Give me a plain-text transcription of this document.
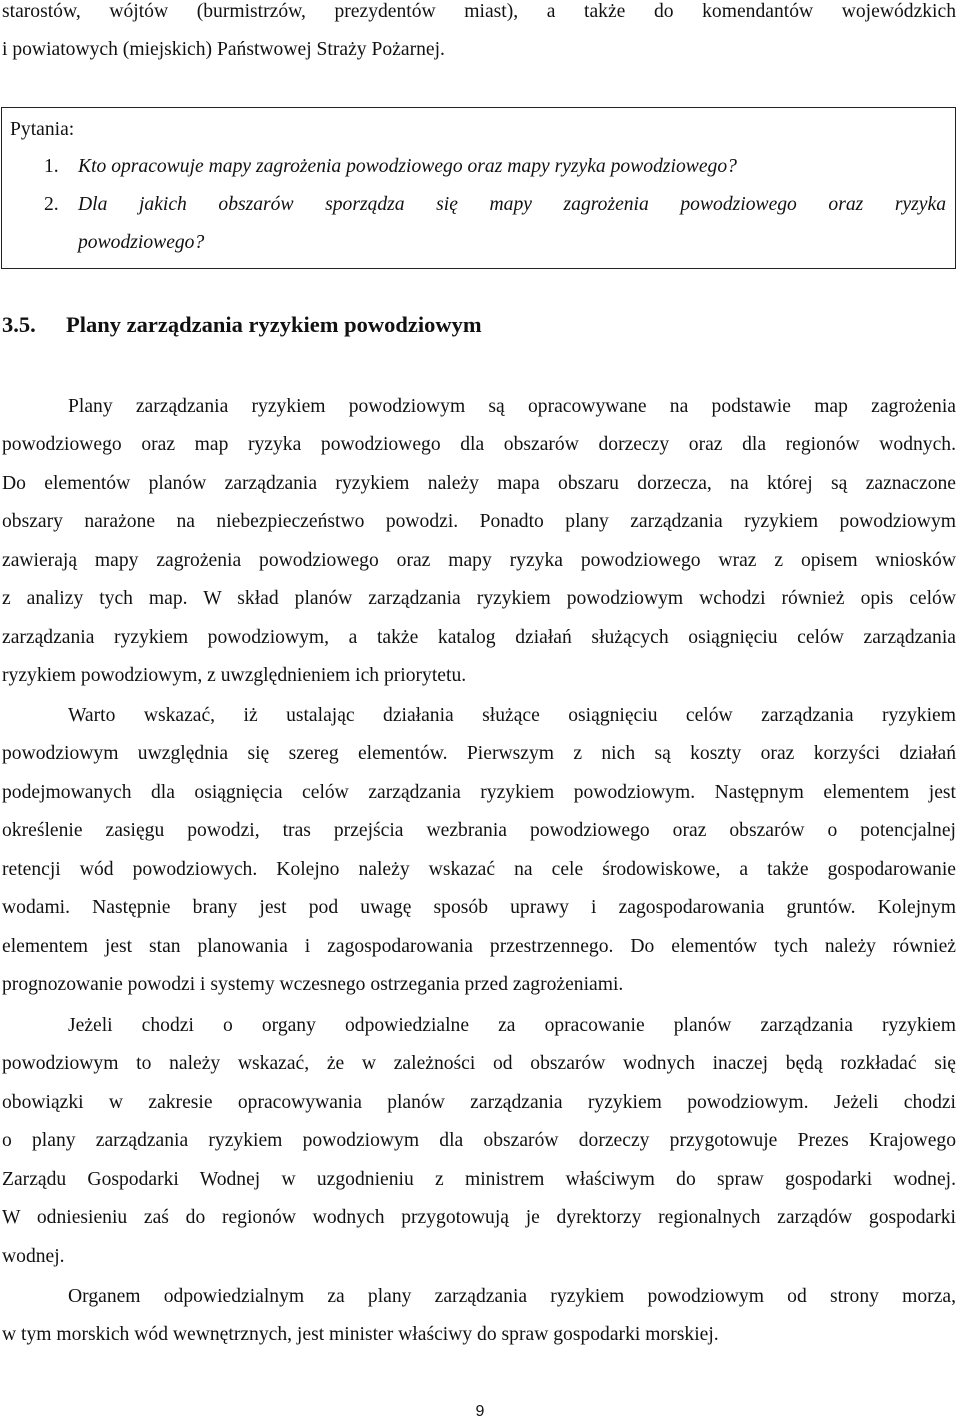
starostów, wójtów (burmistrzów, prezydentów miast), a także do komendantów wojewódzkich
i powiatowych (miejskich) Państwowej Straży Pożarnej.
Pytania:
1. Kto opracowuje mapy zagrożenia powodziowego oraz mapy ryzyka powodziowego?
2. Dla jakich obszarów sporządza się mapy zagrożenia powodziowego oraz ryzyka
powodziowego?
3.5. Plany zarządzania ryzykiem powodziowym
Plany zarządzania ryzykiem powodziowym są opracowywane na podstawie map zagrożenia
powodziowego oraz map ryzyka powodziowego dla obszarów dorzeczy oraz dla regionów wodnych.
Do elementów planów zarządzania ryzykiem należy mapa obszaru dorzecza, na której są zaznaczone
obszary narażone na niebezpieczeństwo powodzi. Ponadto plany zarządzania ryzykiem powodziowym
zawierają mapy zagrożenia powodziowego oraz mapy ryzyka powodziowego wraz z opisem wniosków
z analizy tych map. W skład planów zarządzania ryzykiem powodziowym wchodzi również opis celów
zarządzania ryzykiem powodziowym, a także katalog działań służących osiągnięciu celów zarządzania
ryzykiem powodziowym, z uwzględnieniem ich priorytetu.
Warto wskazać, iż ustalając działania służące osiągnięciu celów zarządzania ryzykiem
powodziowym uwzględnia się szereg elementów. Pierwszym z nich są koszty oraz korzyści działań
podejmowanych dla osiągnięcia celów zarządzania ryzykiem powodziowym. Następnym elementem jest
określenie zasięgu powodzi, tras przejścia wezbrania powodziowego oraz obszarów o potencjalnej
retencji wód powodziowych. Kolejno należy wskazać na cele środowiskowe, a także gospodarowanie
wodami. Następnie brany jest pod uwagę sposób uprawy i zagospodarowania gruntów. Kolejnym
elementem jest stan planowania i zagospodarowania przestrzennego. Do elementów tych należy również
prognozowanie powodzi i systemy wczesnego ostrzegania przed zagrożeniami.
Jeżeli chodzi o organy odpowiedzialne za opracowanie planów zarządzania ryzykiem
powodziowym to należy wskazać, że w zależności od obszarów wodnych inaczej będą rozkładać się
obowiązki w zakresie opracowywania planów zarządzania ryzykiem powodziowym. Jeżeli chodzi
o plany zarządzania ryzykiem powodziowym dla obszarów dorzeczy przygotowuje Prezes Krajowego
Zarządu Gospodarki Wodnej w uzgodnieniu z ministrem właściwym do spraw gospodarki wodnej.
W odniesieniu zaś do regionów wodnych przygotowują je dyrektorzy regionalnych zarządów gospodarki
wodnej.
Organem odpowiedzialnym za plany zarządzania ryzykiem powodziowym od strony morza,
w tym morskich wód wewnętrznych, jest minister właściwy do spraw gospodarki morskiej.
9
